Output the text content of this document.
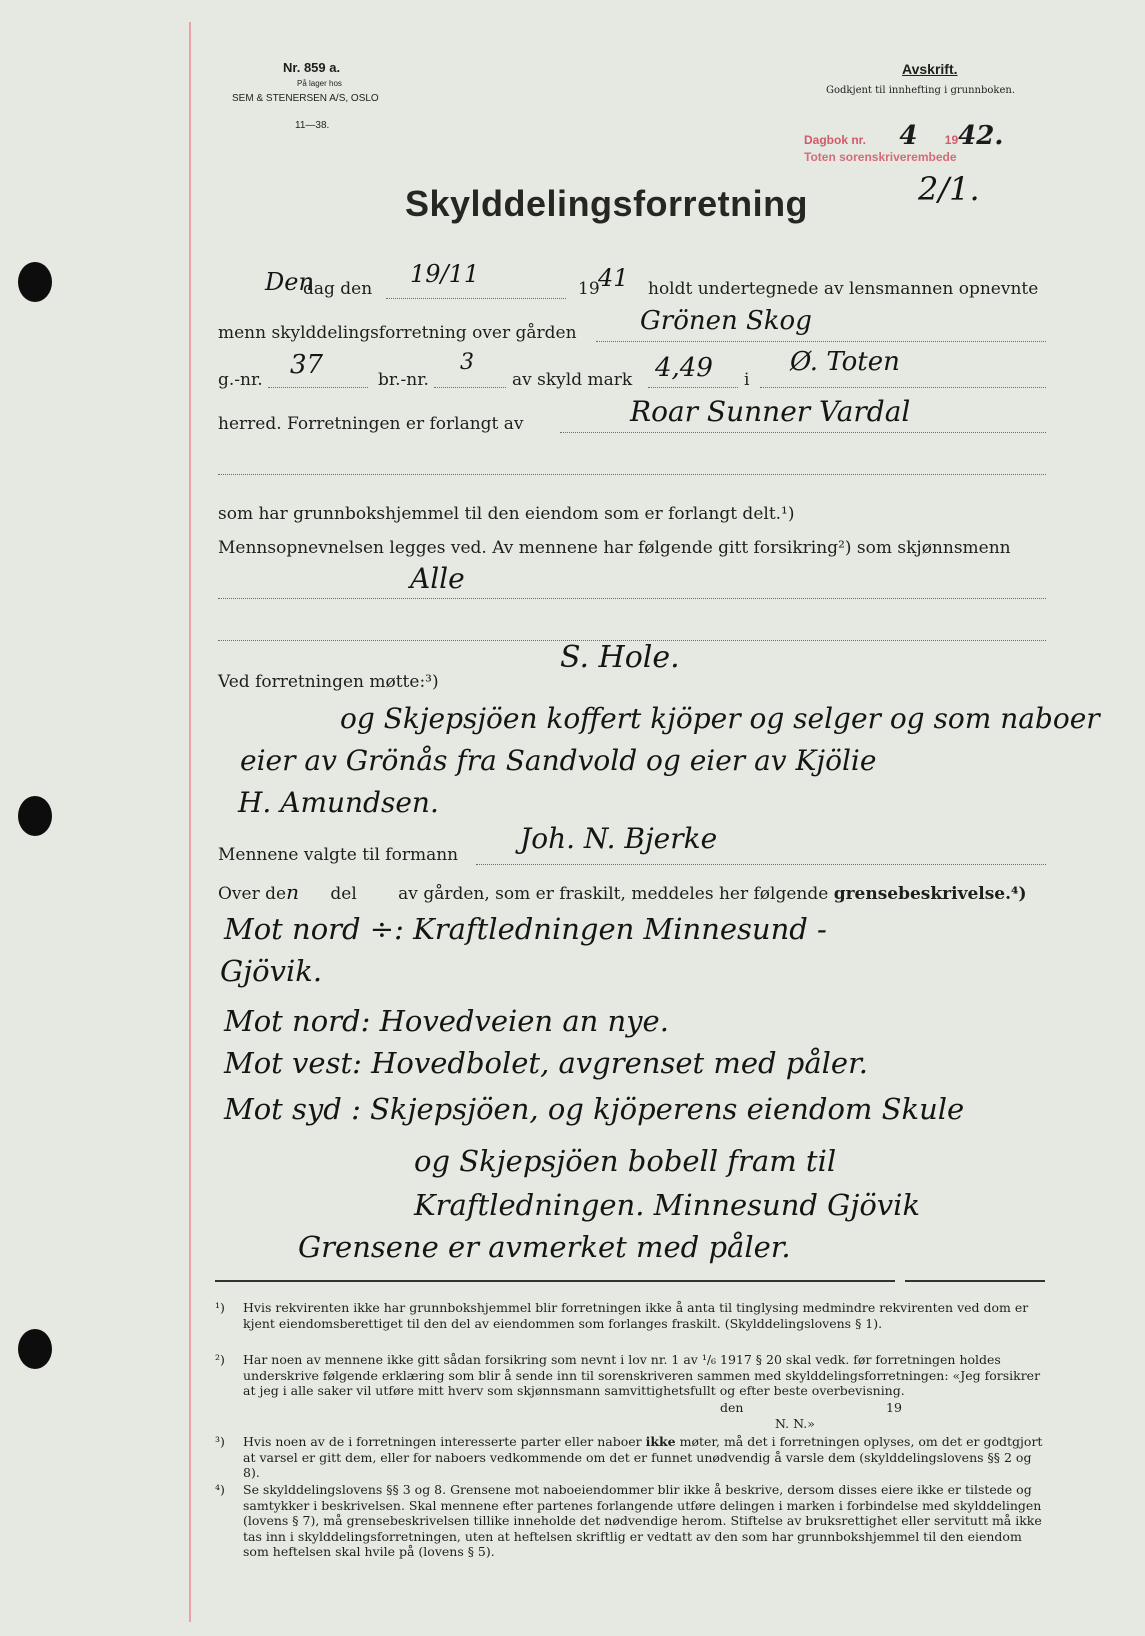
Nr. 859 a.
På lager hos
SEM & STENERSEN A/S, OSLO
11—38.
Avskrift.
Godkjent til innhefting i grunnboken.
Dagbok nr. 4 1942.
Toten sorenskriverembede
2/1.
Skylddelingsforretning
Den
dag den
19/11
19
41 holdt undertegnede av lensmannen opnevnte
menn skylddelingsforretning over gården Grönen Skog
g.-nr. 37	br.-nr.
3
av skyld mark 4,49 i
Ø. Toten
herred. Forretningen er forlangt av	Roar Sunner Vardal
som har grunnbokshjemmel til den eiendom som er forlangt delt.¹)
Mennsopnevnelsen legges ved. Av mennene har følgende gitt forsikring²) som skjønnsmenn
Alle
Ved forretningen møtte:³)
S. Hole.
og Skjepsjöen koffert kjöper og selger og som naboer
eier av Grönås fra Sandvold og eier av Kjölie
H. Amundsen.
Mennene valgte til formann Joh. N. Bjerke
Over den del av gården, som er fraskilt, meddeles her følgende grensebeskrivelse.⁴)
Mot nord ÷: Kraftledningen Minnesund -
Gjövik.
Mot nord: Hovedveien an nye.
Mot vest: Hovedbolet, avgrenset med påler.
Mot syd : Skjepsjöen, og kjöperens eiendom Skule
og Skjepsjöen bobell fram til
Kraftledningen. Minnesund Gjövik
Grensene er avmerket med påler.
¹) Hvis rekvirenten ikke har grunnbokshjemmel blir forretningen ikke å anta til tinglysing medmindre rekvirenten ved dom er kjent eiendomsberettiget til den del av eiendommen som forlanges fraskilt. (Skylddelingslovens § 1).
²) Har noen av mennene ikke gitt sådan forsikring som nevnt i lov nr. 1 av ¹/₆ 1917 § 20 skal vedk. før forretningen holdes underskrive følgende erklæring som blir å sende inn til sorenskriveren sammen med skylddelingsforretningen: «Jeg forsikrer at jeg i alle saker vil utføre mitt hverv som skjønnsmann samvittighetsfullt og efter beste overbevisning.
den	19
N. N.»
³) Hvis noen av de i forretningen interesserte parter eller naboer ikke møter, må det i forretningen oplyses, om det er godtgjort at varsel er gitt dem, eller for naboers vedkommende om det er funnet unødvendig å varsle dem (skylddelingslovens §§ 2 og 8).
⁴) Se skylddelingslovens §§ 3 og 8. Grensene mot naboeiendommer blir ikke å beskrive, dersom disses eiere ikke er tilstede og samtykker i beskrivelsen. Skal mennene efter partenes forlangende utføre delingen i marken i forbindelse med skylddelingen (lovens § 7), må grensebeskrivelsen tillike inneholde det nødvendige herom. Stiftelse av bruksrettighet eller servitutt må ikke tas inn i skylddelingsforretningen, uten at heftelsen skriftlig er vedtatt av den som har grunnbokshjemmel til den eiendom som heftelsen skal hvile på (lovens § 5).
